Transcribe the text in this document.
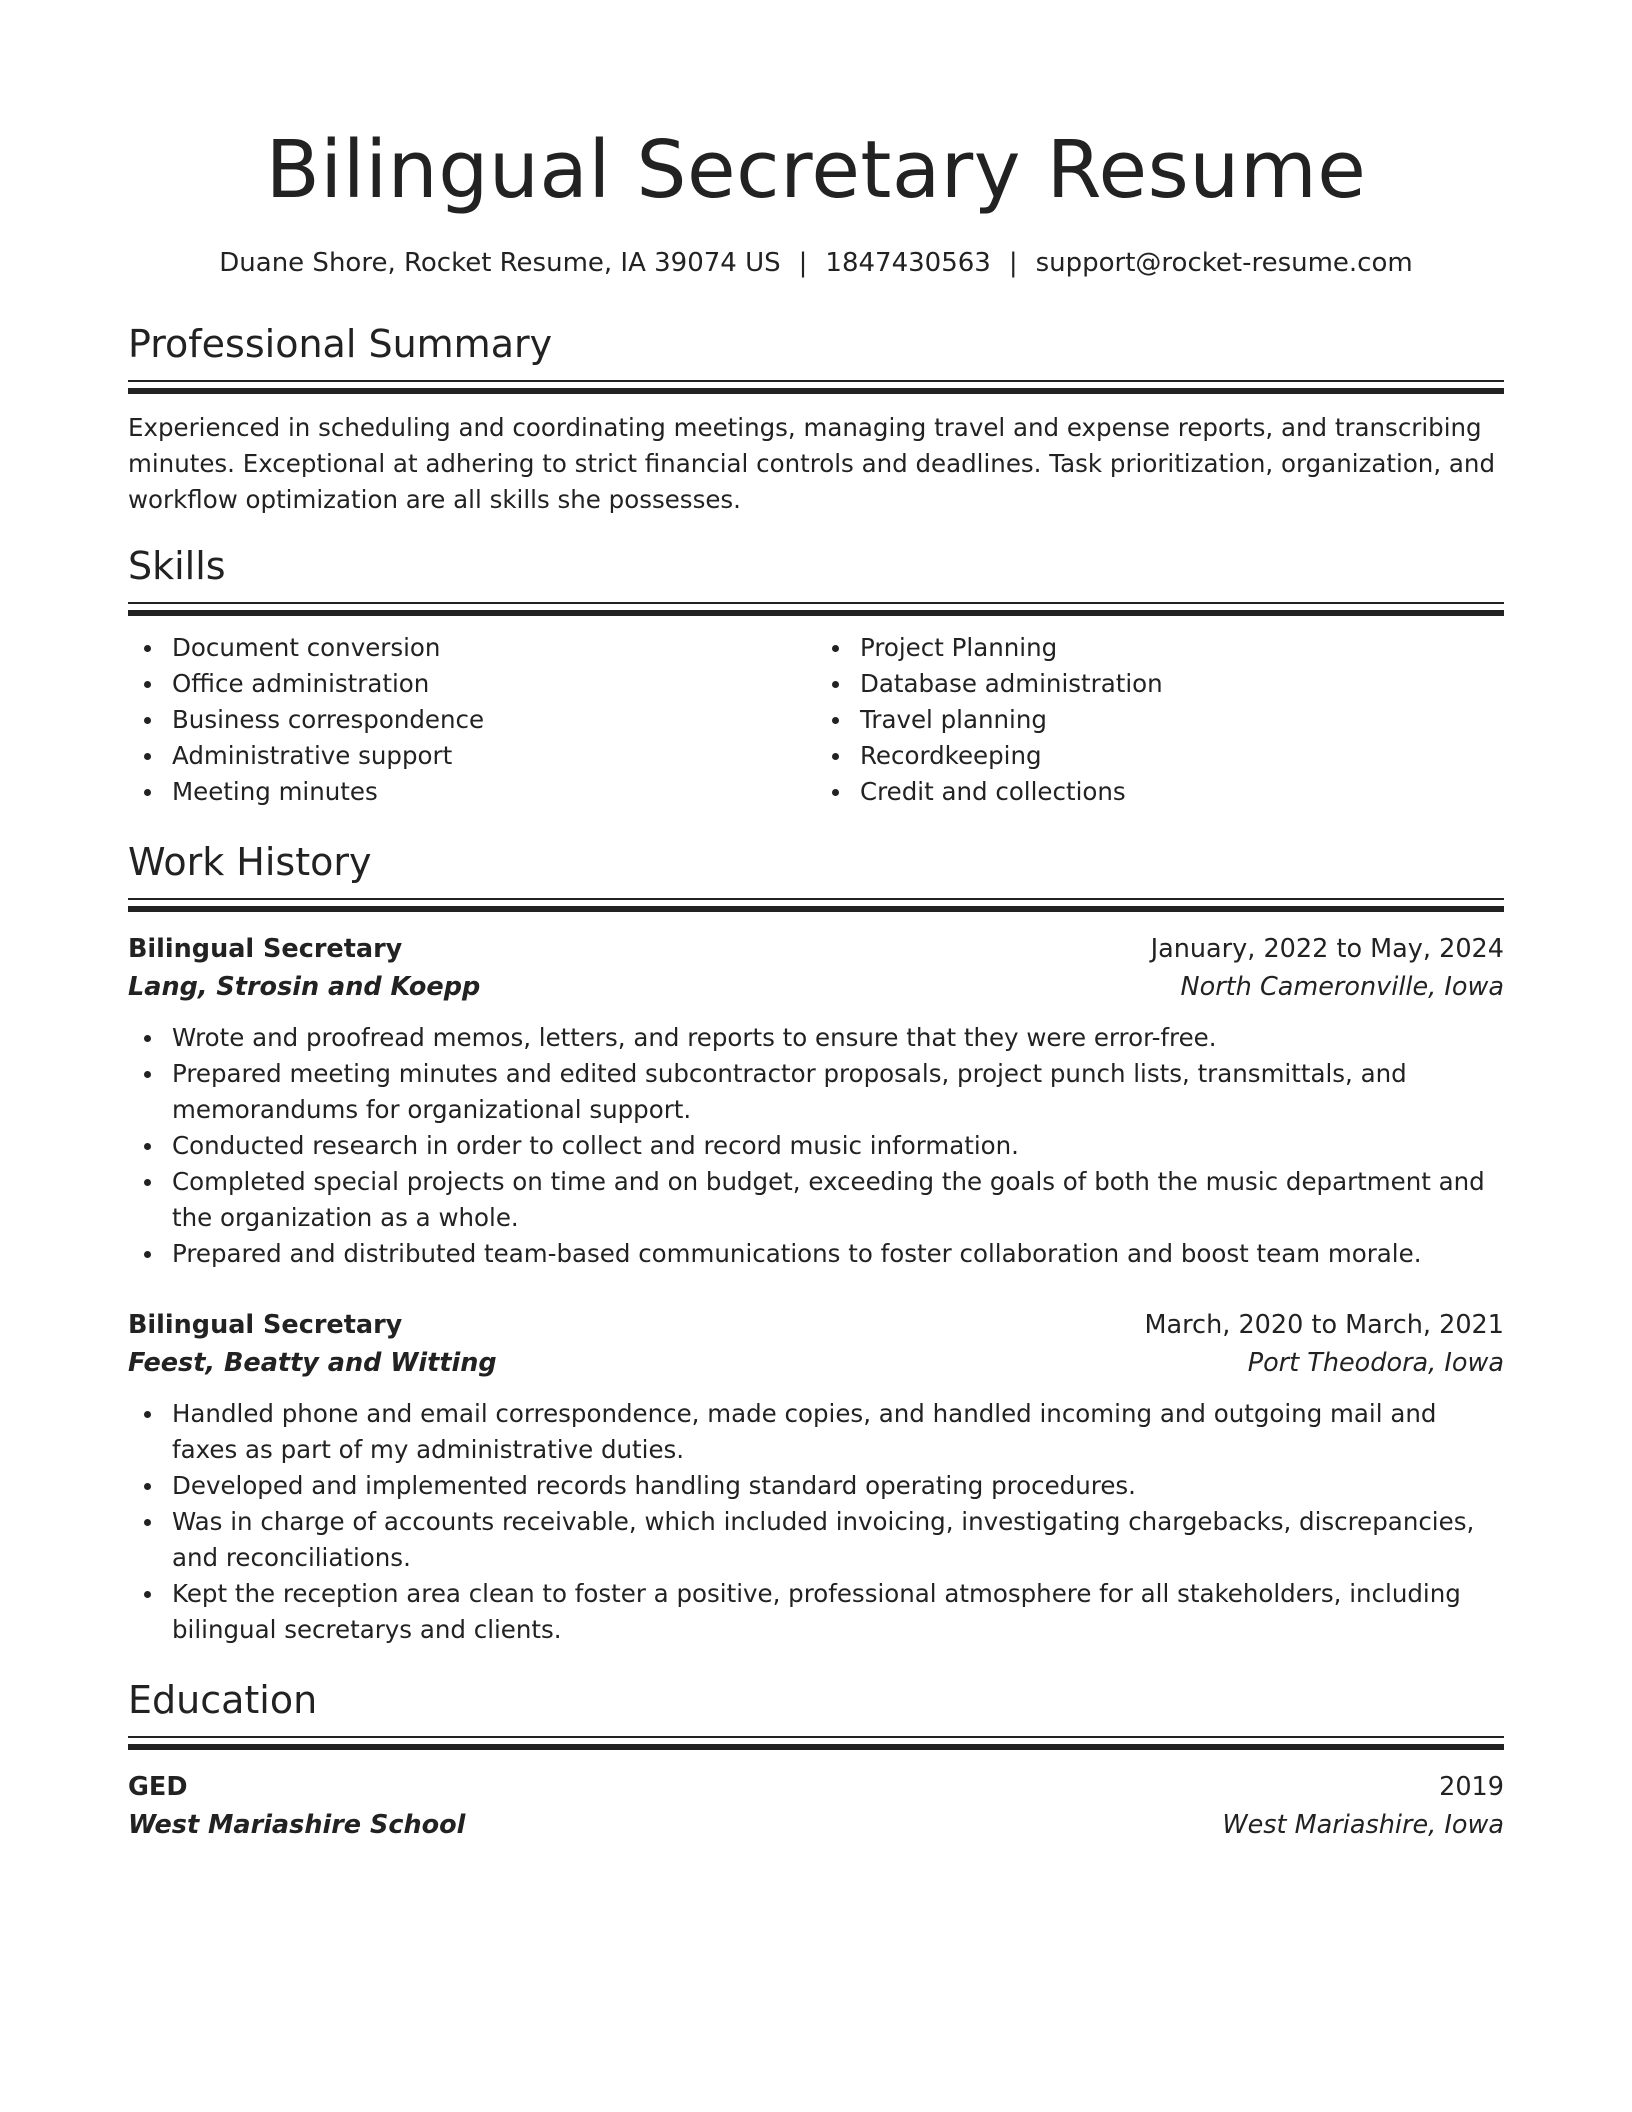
Bilingual Secretary Resume
Duane Shore, Rocket Resume, IA 39074 US | 1847430563 | support@rocket-resume.com
Professional Summary

Experienced in scheduling and coordinating meetings, managing travel and expense reports, and transcribing minutes. Exceptional at adhering to strict financial controls and deadlines. Task prioritization, organization, and workflow optimization are all skills she possesses.

Skills
Document conversion
Office administration
Business correspondence
Administrative support
Meeting minutes
Project Planning
Database administration
Travel planning
Recordkeeping
Credit and collections
Work History
Bilingual Secretary	January, 2022 to May, 2024
Lang, Strosin and Koepp	North Cameronville, Iowa
Wrote and proofread memos, letters, and reports to ensure that they were error-free.
Prepared meeting minutes and edited subcontractor proposals, project punch lists, transmittals, and memorandums for organizational support.
Conducted research in order to collect and record music information.
Completed special projects on time and on budget, exceeding the goals of both the music department and the organization as a whole.
Prepared and distributed team-based communications to foster collaboration and boost team morale.
Bilingual Secretary	March, 2020 to March, 2021
Feest, Beatty and Witting	Port Theodora, Iowa
Handled phone and email correspondence, made copies, and handled incoming and outgoing mail and faxes as part of my administrative duties.
Developed and implemented records handling standard operating procedures.
Was in charge of accounts receivable, which included invoicing, investigating chargebacks, discrepancies, and reconciliations.
Kept the reception area clean to foster a positive, professional atmosphere for all stakeholders, including bilingual secretarys and clients.
Education
GED	2019
West Mariashire School	West Mariashire, Iowa
